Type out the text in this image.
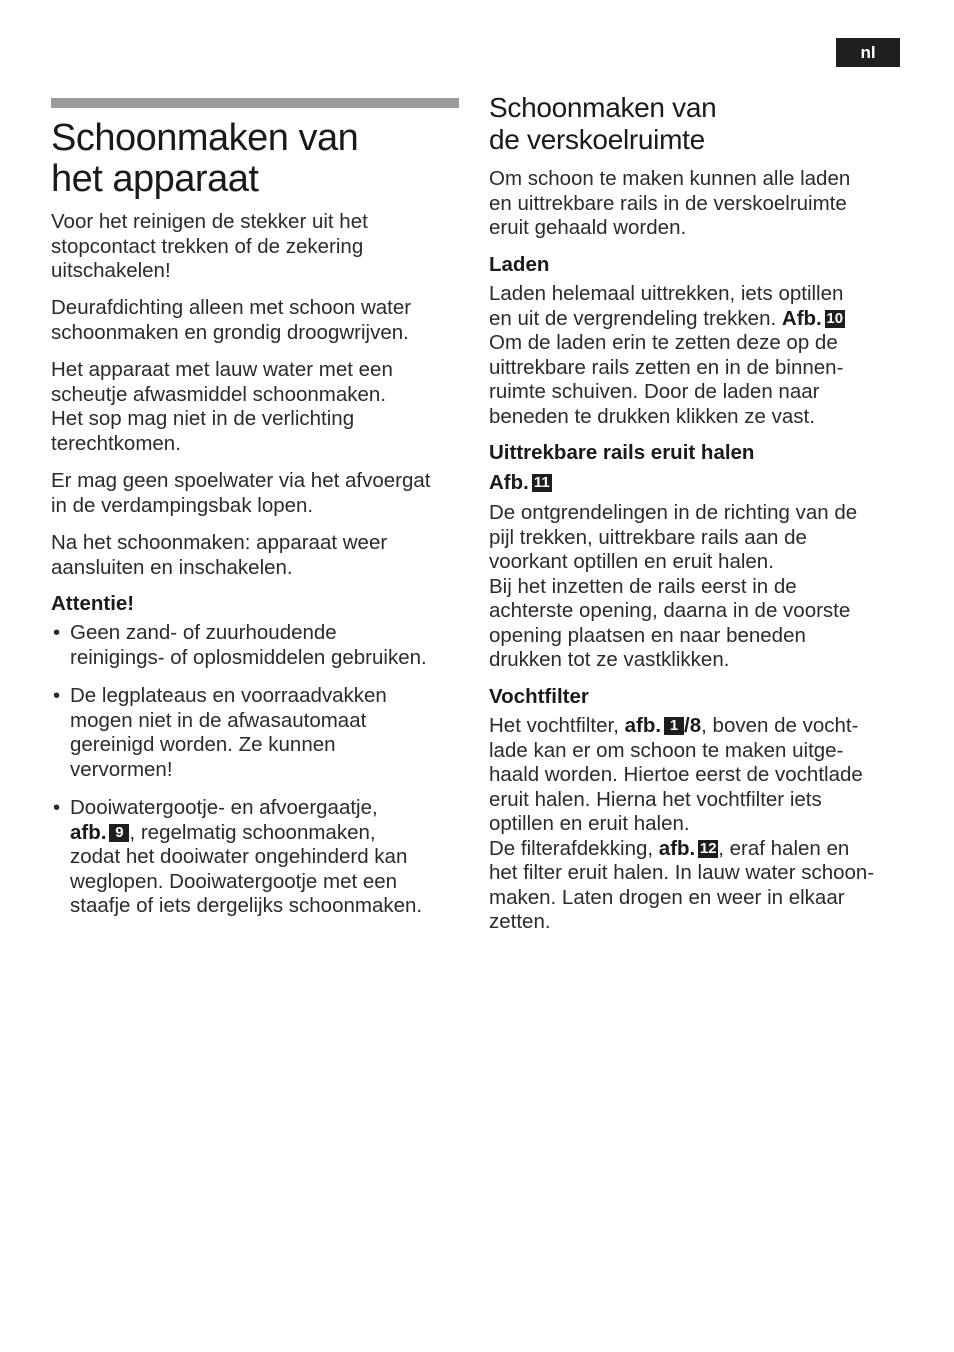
nl
Schoonmaken van
het apparaat

Voor het reinigen de stekker uit het
stopcontact trekken of de zekering
uitschakelen!

Deurafdichting alleen met schoon water
schoonmaken en grondig droogwrijven.

Het apparaat met lauw water met een
scheutje afwasmiddel schoonmaken.
Het sop mag niet in de verlichting
terechtkomen.

Er mag geen spoelwater via het afvoergat
in de verdampingsbak lopen.

Na het schoonmaken: apparaat weer
aansluiten en inschakelen.

Attentie!
• Geen zand- of zuurhoudende
reinigings- of oplosmiddelen gebruiken.
• De legplateaus en voorraadvakken
mogen niet in de afwasautomaat
gereinigd worden. Ze kunnen
vervormen!
• Dooiwatergootje- en afvoergaatje,
afb. 9 , regelmatig schoonmaken,
zodat het dooiwater ongehinderd kan
weglopen. Dooiwatergootje met een
staafje of iets dergelijks schoonmaken.
Schoonmaken van
de verskoelruimte

Om schoon te maken kunnen alle laden
en uittrekbare rails in de verskoelruimte
eruit gehaald worden.

Laden

Laden helemaal uittrekken, iets optillen
en uit de vergrendeling trekken. Afb. 10
Om de laden erin te zetten deze op de
uittrekbare rails zetten en in de binnen-
ruimte schuiven. Door de laden naar
beneden te drukken klikken ze vast.

Uittrekbare rails eruit halen
Afb. 11

De ontgrendelingen in de richting van de
pijl trekken, uittrekbare rails aan de
voorkant optillen en eruit halen.
Bij het inzetten de rails eerst in de
achterste opening, daarna in de voorste
opening plaatsen en naar beneden
drukken tot ze vastklikken.

Vochtfilter

Het vochtfilter, afb. 1 /8, boven de vocht-
lade kan er om schoon te maken uitge-
haald worden. Hiertoe eerst de vochtlade
eruit halen. Hierna het vochtfilter iets
optillen en eruit halen.
De filterafdekking, afb. 12, eraf halen en
het filter eruit halen. In lauw water schoon-
maken. Laten drogen en weer in elkaar
zetten.
